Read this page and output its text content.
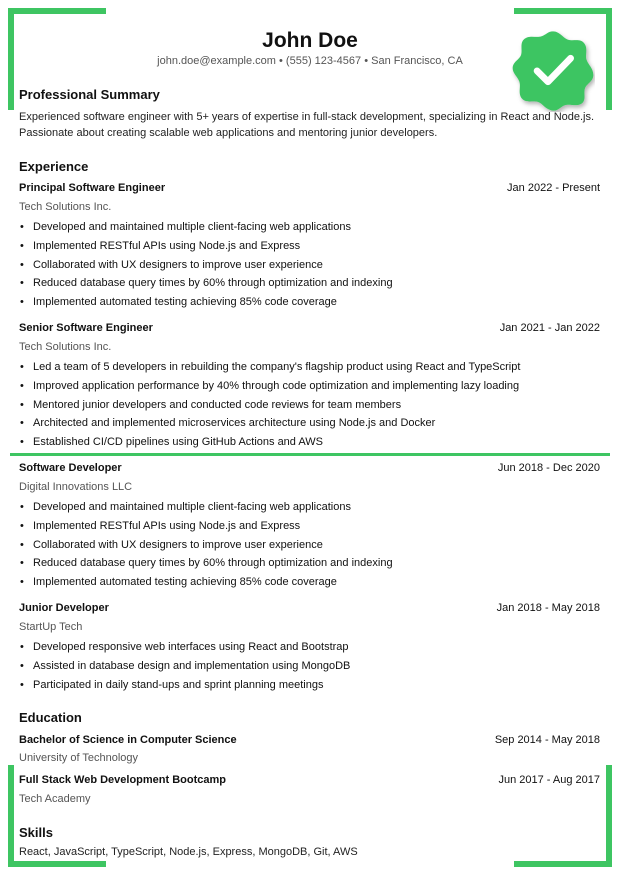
John Doe
john.doe@example.com • (555) 123-4567 • San Francisco, CA
Professional Summary
Experienced software engineer with 5+ years of expertise in full-stack development, specializing in React and Node.js. Passionate about creating scalable web applications and mentoring junior developers.
Experience
Principal Software Engineer	Jan 2022 - Present
Tech Solutions Inc.
• Developed and maintained multiple client-facing web applications
• Implemented RESTful APIs using Node.js and Express
• Collaborated with UX designers to improve user experience
• Reduced database query times by 60% through optimization and indexing
• Implemented automated testing achieving 85% code coverage
Senior Software Engineer	Jan 2021 - Jan 2022
Tech Solutions Inc.
• Led a team of 5 developers in rebuilding the company's flagship product using React and TypeScript
• Improved application performance by 40% through code optimization and implementing lazy loading
• Mentored junior developers and conducted code reviews for team members
• Architected and implemented microservices architecture using Node.js and Docker
• Established CI/CD pipelines using GitHub Actions and AWS
Software Developer	Jun 2018 - Dec 2020
Digital Innovations LLC
• Developed and maintained multiple client-facing web applications
• Implemented RESTful APIs using Node.js and Express
• Collaborated with UX designers to improve user experience
• Reduced database query times by 60% through optimization and indexing
• Implemented automated testing achieving 85% code coverage
Junior Developer	Jan 2018 - May 2018
StartUp Tech
• Developed responsive web interfaces using React and Bootstrap
• Assisted in database design and implementation using MongoDB
• Participated in daily stand-ups and sprint planning meetings
Education
Bachelor of Science in Computer Science	Sep 2014 - May 2018
University of Technology
Full Stack Web Development Bootcamp	Jun 2017 - Aug 2017
Tech Academy
Skills
React, JavaScript, TypeScript, Node.js, Express, MongoDB, Git, AWS
